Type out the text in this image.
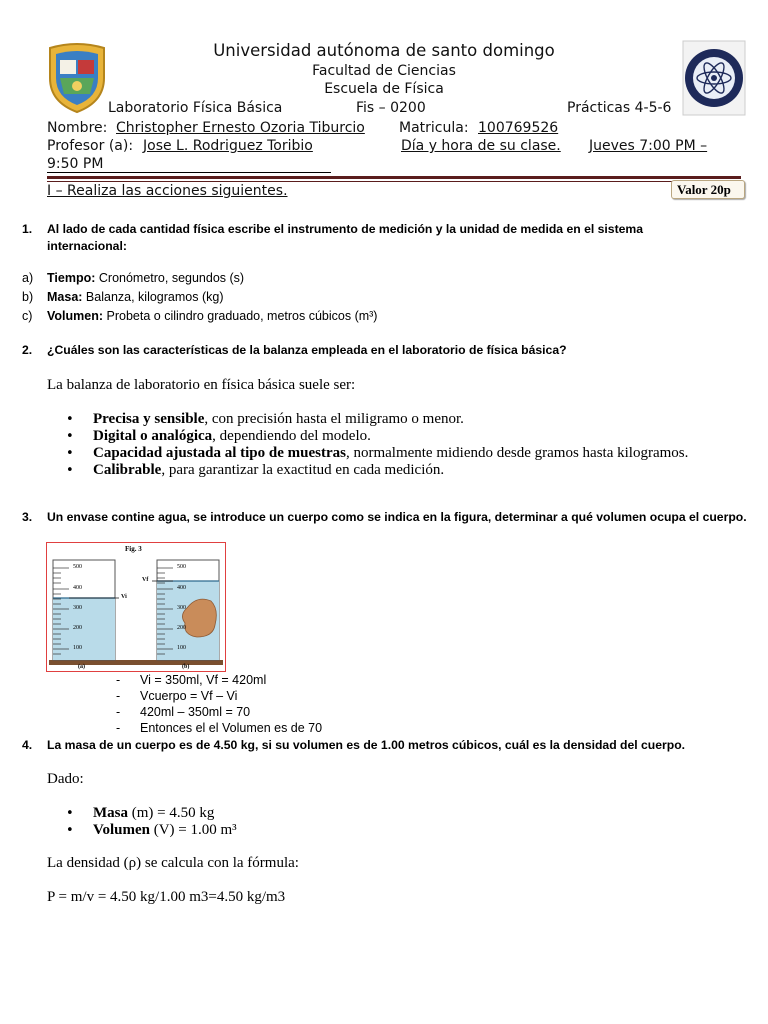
Universidad autónoma de santo domingo
Facultad de Ciencias
Escuela de Física
Laboratorio Física Básica	Fis – 0200	Prácticas 4-5-6
Nombre: Christopher Ernesto Ozoria Tiburcio Matricula: 100769526
Profesor (a): Jose L. Rodriguez Toribio	Día y hora de su clase. Jueves 7:00 PM –
9:50 PM
I – Realiza las acciones siguientes.	Valor 20p
1. Al lado de cada cantidad física escribe el instrumento de medición y la unidad de medida en el sistema internacional:
a) Tiempo: Cronómetro, segundos (s)
b) Masa: Balanza, kilogramos (kg)
c) Volumen: Probeta o cilindro graduado, metros cúbicos (m³)
2. ¿Cuáles son las características de la balanza empleada en el laboratorio de física básica?
La balanza de laboratorio en física básica suele ser:
• Precisa y sensible, con precisión hasta el miligramo o menor.
• Digital o analógica, dependiendo del modelo.
• Capacidad ajustada al tipo de muestras, normalmente midiendo desde gramos hasta kilogramos.
• Calibrable, para garantizar la exactitud en cada medición.
3. Un envase contine agua, se introduce un cuerpo como se indica en la figura, determinar a qué volumen ocupa el cuerpo.
Fig. 3
500
400
300
200
100
500
400
300
200
100
Vi
Vf
(a)	(b)
- Vi = 350ml, Vf = 420ml
- Vcuerpo = Vf – Vi
- 420ml – 350ml = 70
- Entonces el el Volumen es de 70
4. La masa de un cuerpo es de 4.50 kg, si su volumen es de 1.00 metros cúbicos, cuál es la densidad del cuerpo.
Dado:
• Masa (m) = 4.50 kg
• Volumen (V) = 1.00 m³
La densidad (ρ) se calcula con la fórmula:
P = m/v = 4.50 kg/1.00 m3=4.50 kg/m3
